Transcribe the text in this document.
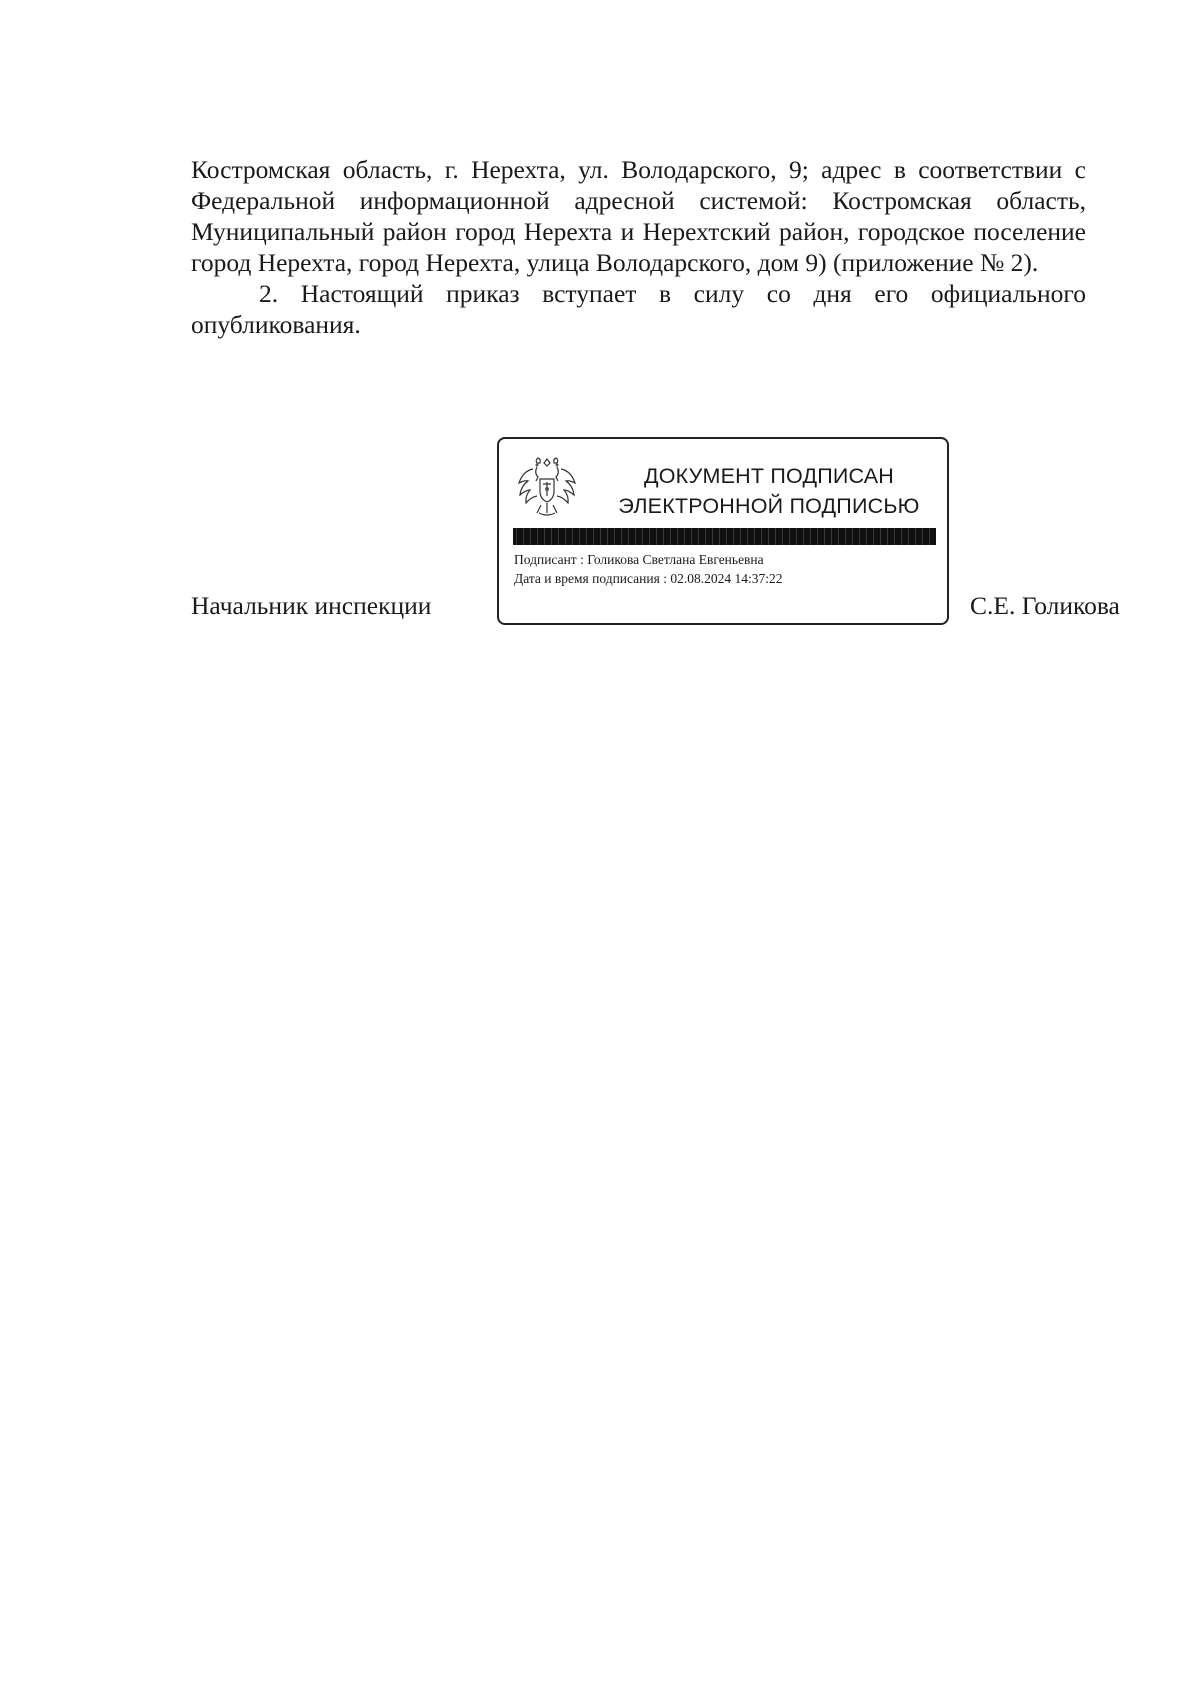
Костромская область, г. Нерехта, ул. Володарского, 9; адрес в соответствии с Федеральной информационной адресной системой: Костромская область, Муниципальный район город Нерехта и Нерехтский район, городское поселение город Нерехта, город Нерехта, улица Володарского, дом 9) (приложение № 2).

2. Настоящий приказ вступает в силу со дня его официального опубликования.

Начальник инспекции
ДОКУМЕНТ ПОДПИСАН
ЭЛЕКТРОННОЙ ПОДПИСЬЮ
Подписант : Голикова Светлана Евгеньевна
Дата и время подписания : 02.08.2024 14:37:22
С.Е. Голикова
